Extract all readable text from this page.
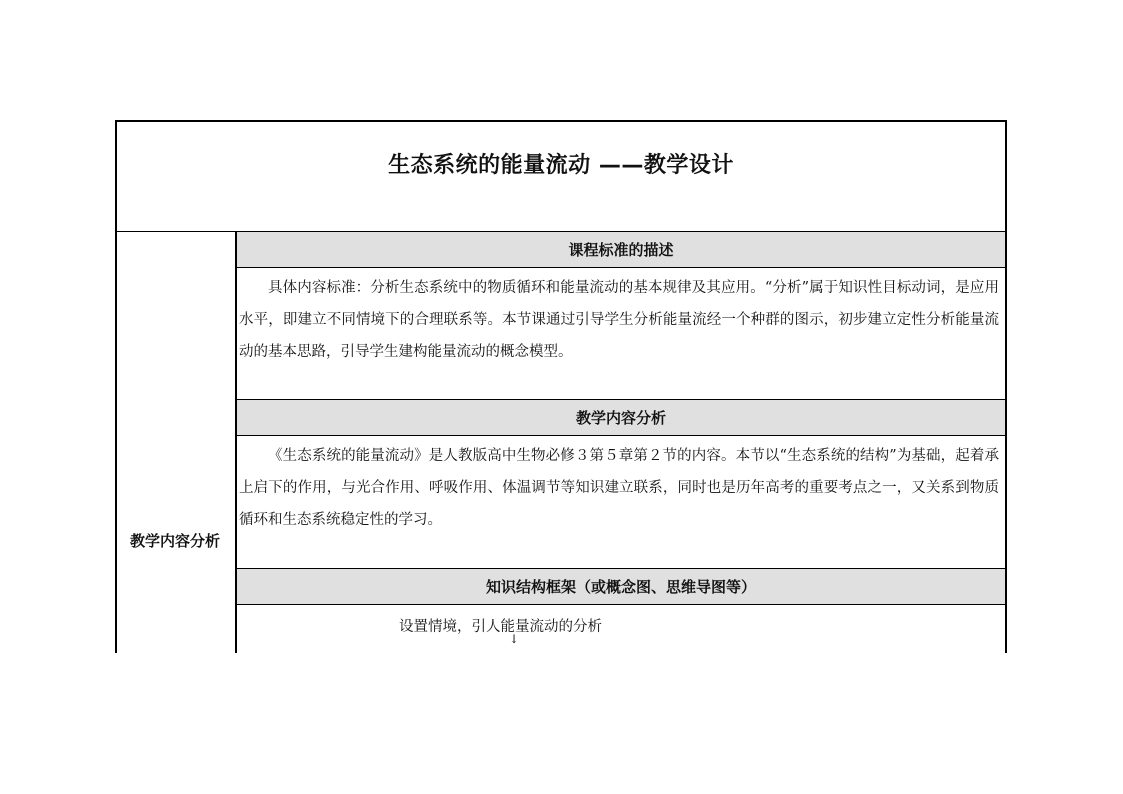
生态系统的能量流动 ——教学设计
教学内容分析
课程标准的描述

具体内容标准：分析生态系统中的物质循环和能量流动的基本规律及其应用。“分析”属于知识性目标动词，是应用水平，即建立不同情境下的合理联系等。本节课通过引导学生分析能量流经一个种群的图示，初步建立定性分析能量流动的基本思路，引导学生建构能量流动的概念模型。

教学内容分析

《生态系统的能量流动》是人教版高中生物必修３第５章第２节的内容。本节以“生态系统的结构”为基础，起着承上启下的作用，与光合作用、呼吸作用、体温调节等知识建立联系，同时也是历年高考的重要考点之一，又关系到物质循环和生态系统稳定性的学习。

知识结构框架（或概念图、思维导图等）
设置情境，引人能量流动的分析
↓
